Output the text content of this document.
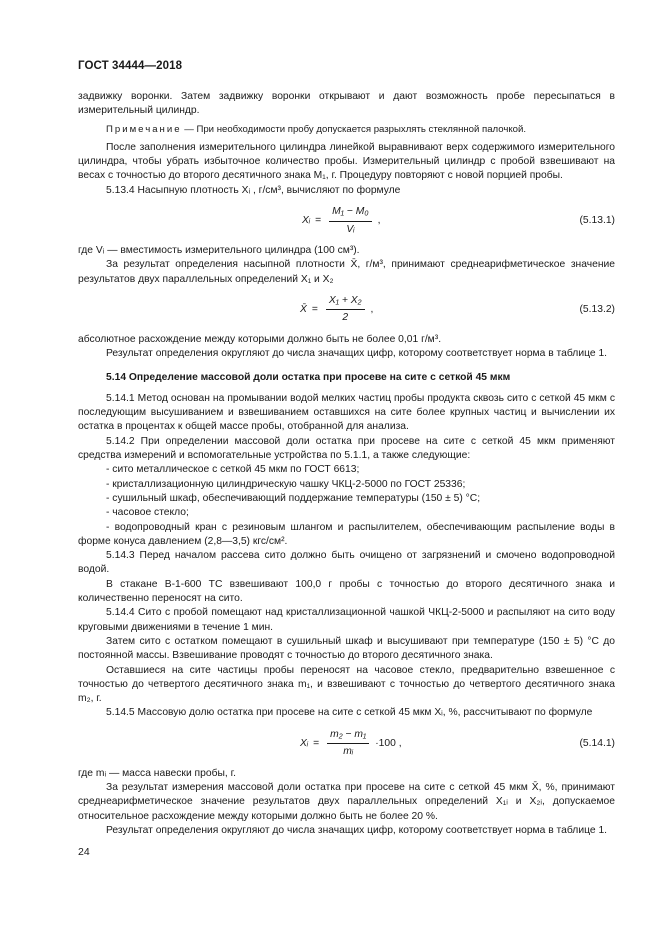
ГОСТ 34444—2018

задвижку воронки. Затем задвижку воронки открывают и дают возможность пробе пересыпаться в измерительный цилиндр.

Примечание — При необходимости пробу допускается разрыхлять стеклянной палочкой.

После заполнения измерительного цилиндра линейкой выравнивают верх содержимого измерительного цилиндра, чтобы убрать избыточное количество пробы. Измерительный цилиндр с пробой взвешивают на весах с точностью до второго десятичного знака M₁, г. Процедуру повторяют с новой порцией пробы.

5.13.4 Насыпную плотность Xᵢ , г/см³, вычисляют по формуле

Xᵢ = $\frac{\text{M₁ − M₀}}{\text{Vᵢ}}$ ,	(5.13.1)

где Vᵢ — вместимость измерительного цилиндра (100 см³).

За результат определения насыпной плотности X̄, г/м³, принимают среднеарифметическое значение результатов двух параллельных определений X₁ и X₂

X̄ = $\frac{\text{X₁ + X₂}}{2}$ ,	(5.13.2)

абсолютное расхождение между которыми должно быть не более 0,01 г/м³.

Результат определения округляют до числа значащих цифр, которому соответствует норма в таблице 1.

5.14 Определение массовой доли остатка при просеве на сите с сеткой 45 мкм

5.14.1 Метод основан на промывании водой мелких частиц пробы продукта сквозь сито с сеткой 45 мкм с последующим высушиванием и взвешиванием оставшихся на сите более крупных частиц и вычислении их остатка в процентах к общей массе пробы, отобранной для анализа.

5.14.2 При определении массовой доли остатка при просеве на сите с сеткой 45 мкм применяют средства измерений и вспомогательные устройства по 5.1.1, а также следующие:

- сито металлическое с сеткой 45 мкм по ГОСТ 6613;

- кристаллизационную цилиндрическую чашку ЧКЦ-2-5000 по ГОСТ 25336;

- сушильный шкаф, обеспечивающий поддержание температуры (150 ± 5) °С;

- часовое стекло;

- водопроводный кран с резиновым шлангом и распылителем, обеспечивающим распыление воды в форме конуса давлением (2,8—3,5) кгс/см².

5.14.3 Перед началом рассева сито должно быть очищено от загрязнений и смочено водопроводной водой.

В стакане В-1-600 ТС взвешивают 100,0 г пробы с точностью до второго десятичного знака и количественно переносят на сито.

5.14.4 Сито с пробой помещают над кристаллизационной чашкой ЧКЦ-2-5000 и распыляют на сито воду круговыми движениями в течение 1 мин.

Затем сито с остатком помещают в сушильный шкаф и высушивают при температуре (150 ± 5) °С до постоянной массы. Взвешивание проводят с точностью до второго десятичного знака.

Оставшиеся на сите частицы пробы переносят на часовое стекло, предварительно взвешенное с точностью до четвертого десятичного знака m₁, и взвешивают с точностью до четвертого десятичного знака m₂, г.

5.14.5 Массовую долю остатка при просеве на сите с сеткой 45 мкм Xᵢ, %, рассчитывают по формуле

Xᵢ = $\frac{\text{m₂ − m₁}}{\text{mᵢ}} \cdot 100$ ,	(5.14.1)

где mᵢ — масса навески пробы, г.

За результат измерения массовой доли остатка при просеве на сите с сеткой 45 мкм X̄, %, принимают среднеарифметическое значение результатов двух параллельных определений X₁ᵢ и X₂ᵢ, допускаемое относительное расхождение между которыми должно быть не более 20 %.

Результат определения округляют до числа значащих цифр, которому соответствует норма в таблице 1.

24
